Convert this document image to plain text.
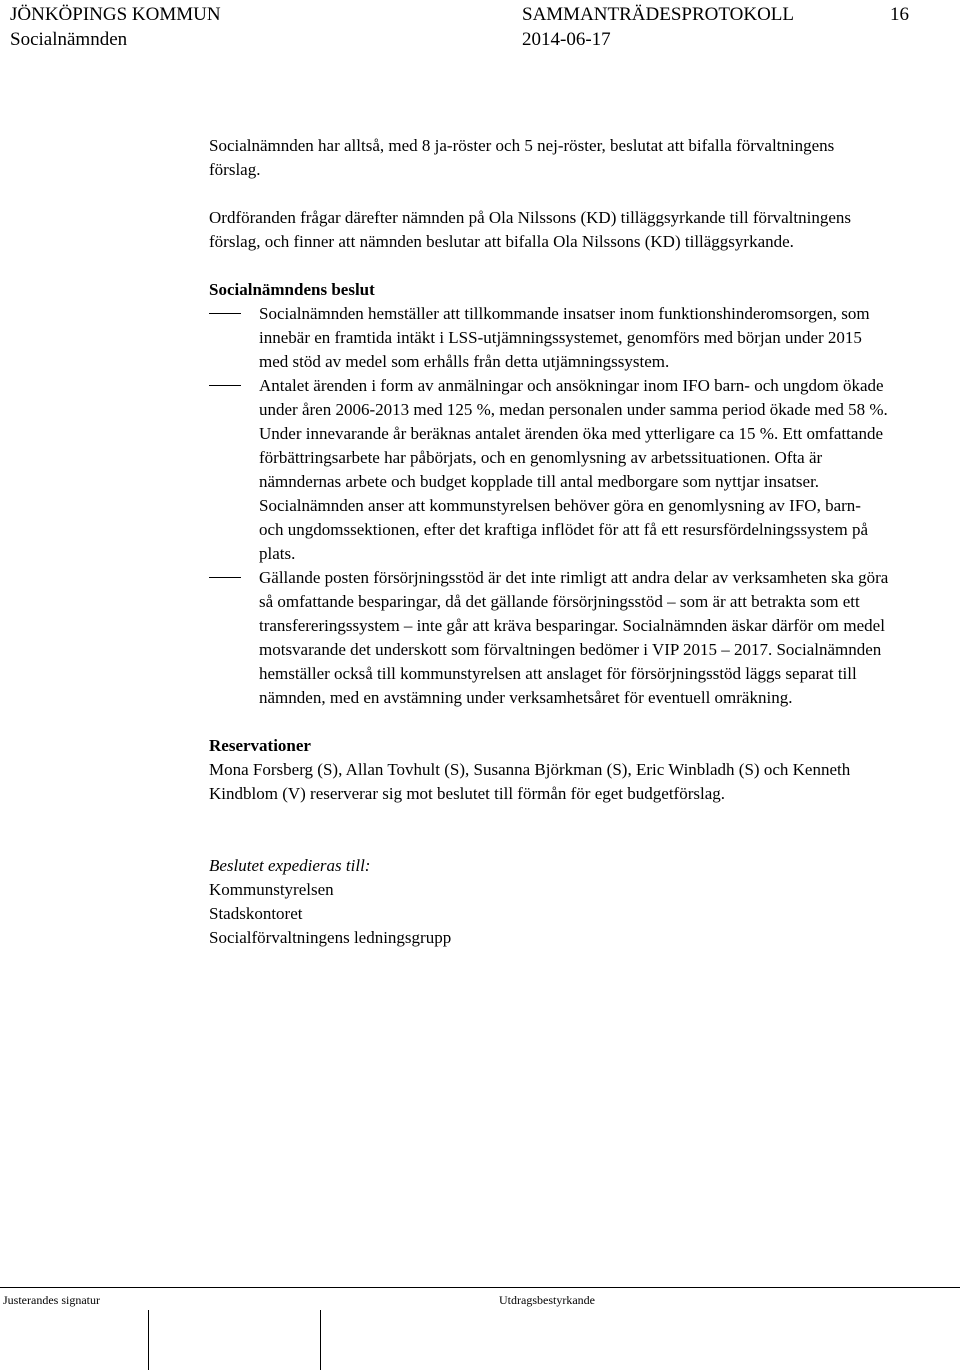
JÖNKÖPINGS KOMMUN
Socialnämnden
SAMMANTRÄDESPROTOKOLL
2014-06-17
16

Socialnämnden har alltså, med 8 ja-röster och 5 nej-röster, beslutat att bifalla förvaltningens förslag.

Ordföranden frågar därefter nämnden på Ola Nilssons (KD) tilläggsyrkande till förvaltningens förslag, och finner att nämnden beslutar att bifalla Ola Nilssons (KD) tilläggsyrkande.

Socialnämndens beslut

Socialnämnden hemställer att tillkommande insatser inom funktionshinderomsorgen, som innebär en framtida intäkt i LSS-utjämningssystemet, genomförs med början under 2015 med stöd av medel som erhålls från detta utjämningssystem.
Antalet ärenden i form av anmälningar och ansökningar inom IFO barn- och ungdom ökade under åren 2006-2013 med 125 %, medan personalen under samma period ökade med 58 %. Under innevarande år beräknas antalet ärenden öka med ytterligare ca 15 %. Ett omfattande förbättringsarbete har påbörjats, och en genomlysning av arbetssituationen. Ofta är nämndernas arbete och budget kopplade till antal medborgare som nyttjar insatser. Socialnämnden anser att kommunstyrelsen behöver göra en genomlysning av IFO, barn- och ungdomssektionen, efter det kraftiga inflödet för att få ett resursfördelningssystem på plats.
Gällande posten försörjningsstöd är det inte rimligt att andra delar av verksamheten ska göra så omfattande besparingar, då det gällande försörjningsstöd – som är att betrakta som ett transfereringssystem – inte går att kräva besparingar. Socialnämnden äskar därför om medel motsvarande det underskott som förvaltningen bedömer i VIP 2015 – 2017. Socialnämnden hemställer också till kommunstyrelsen att anslaget för försörjningsstöd läggs separat till nämnden, med en avstämning under verksamhetsåret för eventuell omräkning.

Reservationer

Mona Forsberg (S), Allan Tovhult (S), Susanna Björkman (S), Eric Winbladh (S) och Kenneth Kindblom (V) reserverar sig mot beslutet till förmån för eget budgetförslag.

Beslutet expedieras till:

Kommunstyrelsen

Stadskontoret

Socialförvaltningens ledningsgrupp

Justerandes signatur	Utdragsbestyrkande
